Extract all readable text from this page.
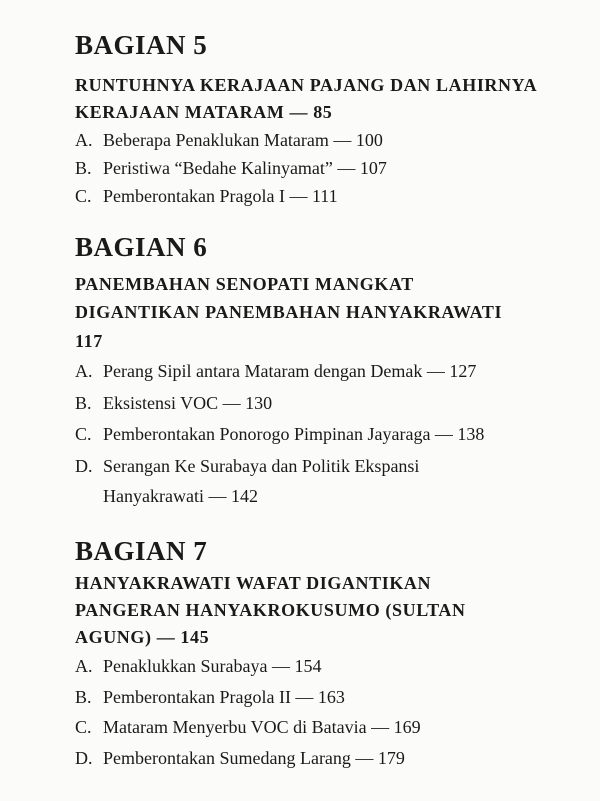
BAGIAN 5
RUNTUHNYA KERAJAAN PAJANG DAN LAHIRNYA
KERAJAAN MATARAM — 85
A. Beberapa Penaklukan Mataram — 100
B. Peristiwa “Bedahe Kalinyamat” — 107
C. Pemberontakan Pragola I — 111
BAGIAN 6
PANEMBAHAN SENOPATI MANGKAT
DIGANTIKAN PANEMBAHAN HANYAKRAWATI
117
A. Perang Sipil antara Mataram dengan Demak — 127
B. Eksistensi VOC — 130
C. Pemberontakan Ponorogo Pimpinan Jayaraga — 138
D. Serangan Ke Surabaya dan Politik Ekspansi
Hanyakrawati — 142
BAGIAN 7
HANYAKRAWATI WAFAT DIGANTIKAN
PANGERAN HANYAKROKUSUMO (SULTAN
AGUNG) — 145
A. Penaklukkan Surabaya — 154
B. Pemberontakan Pragola II — 163
C. Mataram Menyerbu VOC di Batavia — 169
D. Pemberontakan Sumedang Larang — 179
